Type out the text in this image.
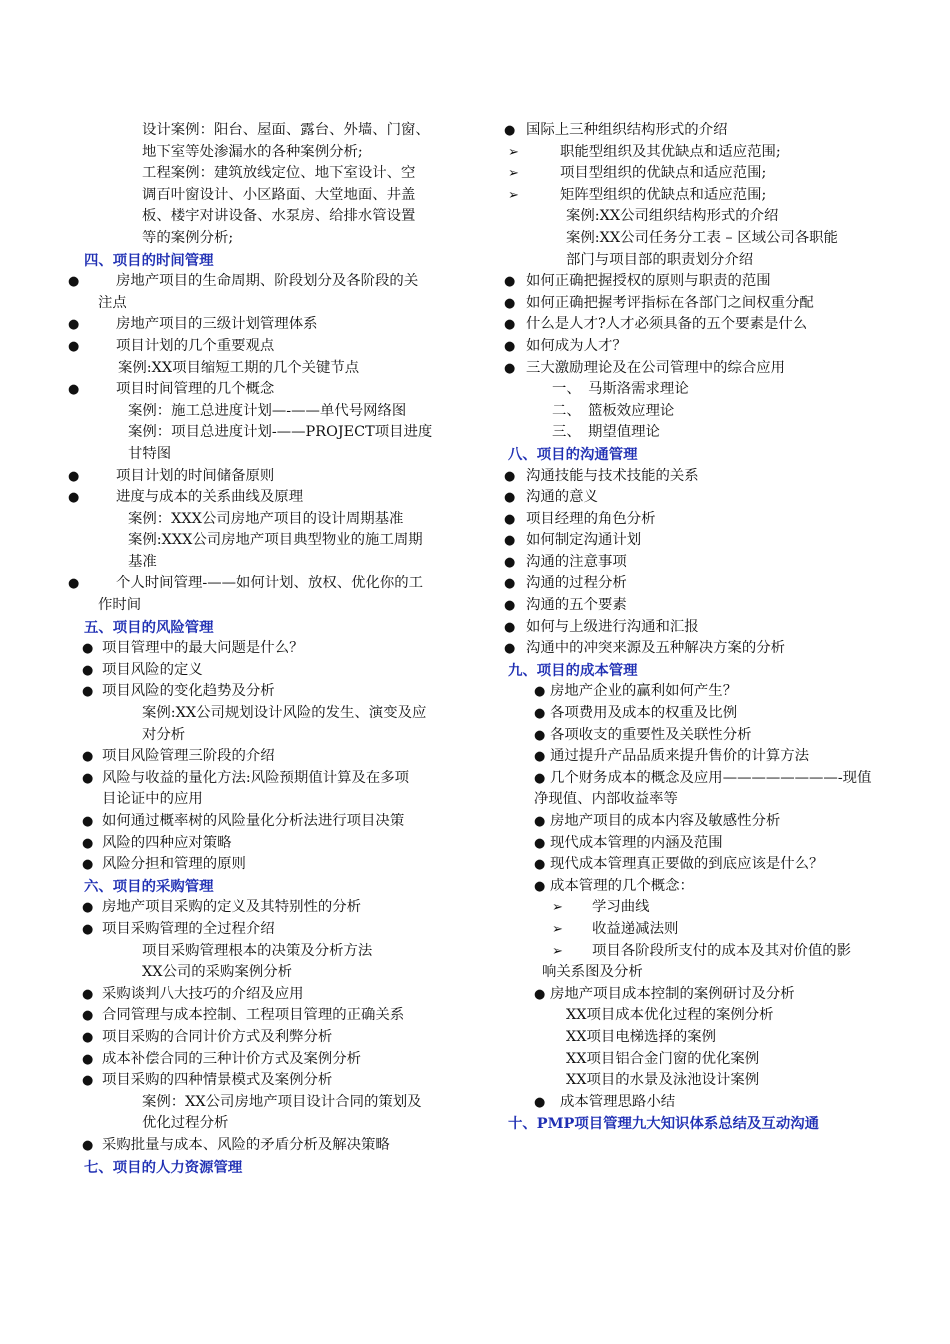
设计案例：阳台、屋面、露台、外墙、门窗、
地下室等处渗漏水的各种案例分析;
工程案例：建筑放线定位、地下室设计、空
调百叶窗设计、小区路面、大堂地面、井盖
板、楼宇对讲设备、水泵房、给排水管设置
等的案例分析;
四、项目的时间管理
●	房地产项目的生命周期、阶段划分及各阶段的关
注点
●	房地产项目的三级计划管理体系
●	项目计划的几个重要观点
案例:XX项目缩短工期的几个关键节点
●	项目时间管理的几个概念
案例：施工总进度计划—-——单代号网络图
案例：项目总进度计划-——PROJECT项目进度
甘特图
●	项目计划的时间储备原则
●	进度与成本的关系曲线及原理
案例：XXX公司房地产项目的设计周期基准
案例:XXX公司房地产项目典型物业的施工周期
基准
●	个人时间管理-——如何计划、放权、优化你的工
作时间
五、项目的风险管理
● 项目管理中的最大问题是什么？
● 项目风险的定义
● 项目风险的变化趋势及分析
案例:XX公司规划设计风险的发生、演变及应
对分析
● 项目风险管理三阶段的介绍
● 风险与收益的量化方法:风险预期值计算及在多项
目论证中的应用
● 如何通过概率树的风险量化分析法进行项目决策
● 风险的四种应对策略
● 风险分担和管理的原则
六、项目的采购管理
● 房地产项目采购的定义及其特别性的分析
● 项目采购管理的全过程介绍
项目采购管理根本的决策及分析方法
XX公司的采购案例分析
● 采购谈判八大技巧的介绍及应用
● 合同管理与成本控制、工程项目管理的正确关系
● 项目采购的合同计价方式及利弊分析
● 成本补偿合同的三种计价方式及案例分析
● 项目采购的四种情景模式及案例分析
案例：XX公司房地产项目设计合同的策划及
优化过程分析
● 采购批量与成本、风险的矛盾分析及解决策略
七、项目的人力资源管理
● 国际上三种组织结构形式的介绍
➢	职能型组织及其优缺点和适应范围;
➢	项目型组织的优缺点和适应范围;
➢	矩阵型组织的优缺点和适应范围;
案例:XX公司组织结构形式的介绍
案例:XX公司任务分工表 – 区域公司各职能
部门与项目部的职责划分介绍
● 如何正确把握授权的原则与职责的范围
● 如何正确把握考评指标在各部门之间权重分配
● 什么是人才?人才必须具备的五个要素是什么
● 如何成为人才？
● 三大激励理论及在公司管理中的综合应用
一、　马斯洛需求理论
二、　篮板效应理论
三、　期望值理论
八、项目的沟通管理
● 沟通技能与技术技能的关系
● 沟通的意义
● 项目经理的角色分析
● 如何制定沟通计划
● 沟通的注意事项
● 沟通的过程分析
● 沟通的五个要素
● 如何与上级进行沟通和汇报
● 沟通中的冲突来源及五种解决方案的分析
九、项目的成本管理
● 房地产企业的赢利如何产生？
● 各项费用及成本的权重及比例
● 各项收支的重要性及关联性分析
● 通过提升产品品质来提升售价的计算方法
● 几个财务成本的概念及应用————————-现值
净现值、内部收益率等
● 房地产项目的成本内容及敏感性分析
● 现代成本管理的内涵及范围
● 现代成本管理真正要做的到底应该是什么？
● 成本管理的几个概念：
➢ 学习曲线
➢ 收益递减法则
➢ 项目各阶段所支付的成本及其对价值的影
响关系图及分析
● 房地产项目成本控制的案例研讨及分析
XX项目成本优化过程的案例分析
XX项目电梯选择的案例
XX项目铝合金门窗的优化案例
XX项目的水景及泳池设计案例
● 成本管理思路小结
十、PMP项目管理九大知识体系总结及互动沟通
